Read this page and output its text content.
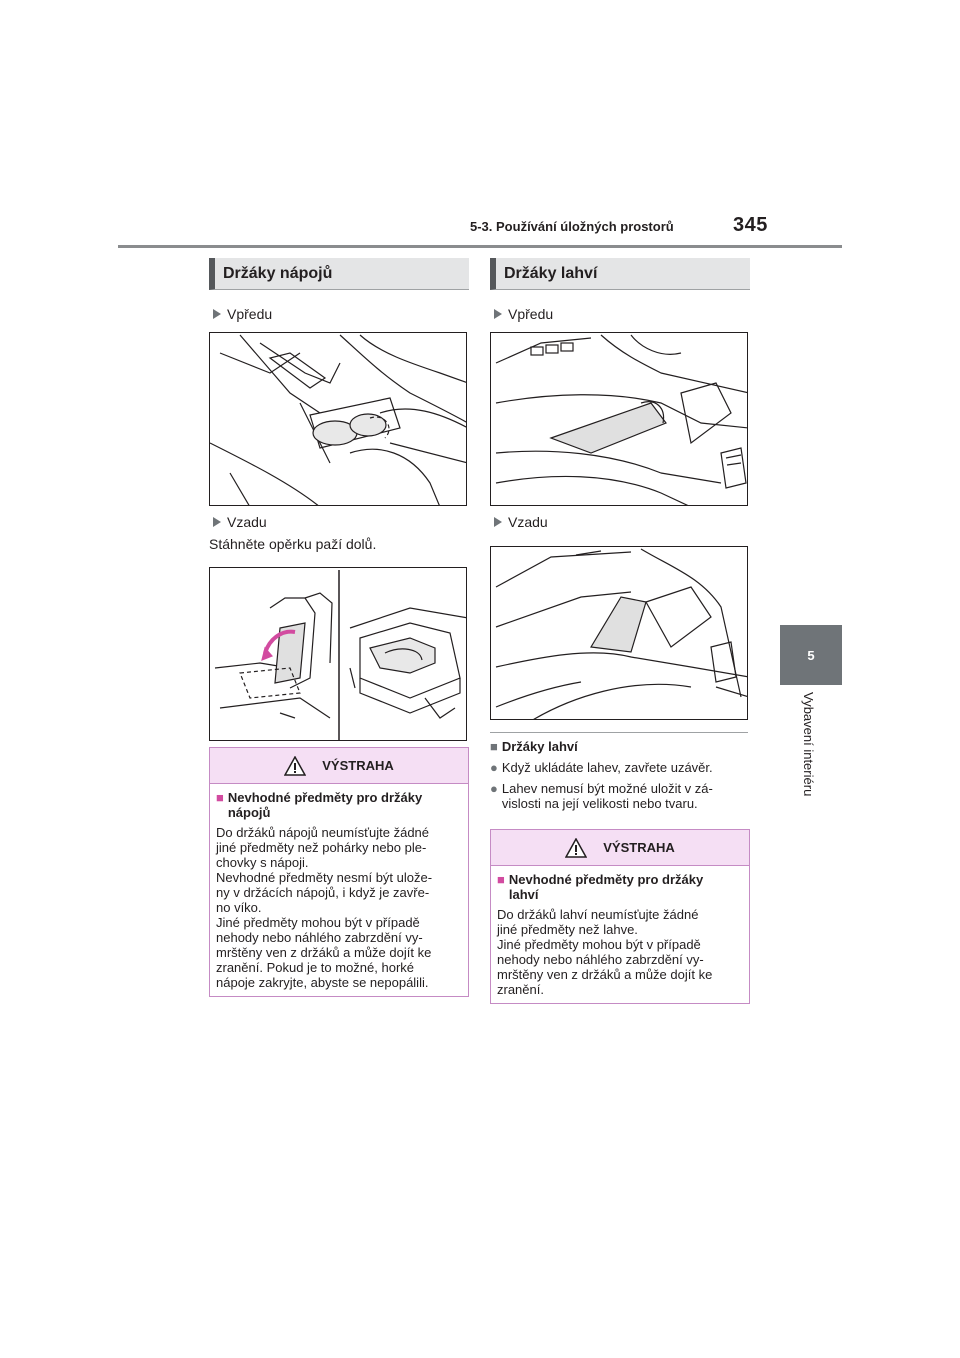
5-3. Používání úložných prostorů	345
5
Vybavení interiéru
Držáky nápojů
Vpředu
Vzadu
Stáhněte opěrku paží dolů.
VÝSTRAHA
■ Nevhodné předměty pro držáky
nápojů
Do držáků nápojů neumísťujte žádné
jiné předměty než pohárky nebo ple-
chovky s nápoji.
Nevhodné předměty nesmí být ulože-
ny v držácích nápojů, i když je zavře-
no víko.
Jiné předměty mohou být v případě
nehody nebo náhlého zabrzdění vy-
mrštěny ven z držáků a může dojít ke
zranění. Pokud je to možné, horké
nápoje zakryjte, abyste se nepopálili.
Držáky lahví
Vpředu
Vzadu
■ Držáky lahví
● Když ukládáte lahev, zavřete uzávěr.
● Lahev nemusí být možné uložit v zá-
vislosti na její velikosti nebo tvaru.
VÝSTRAHA
■ Nevhodné předměty pro držáky
lahví
Do držáků lahví neumísťujte žádné
jiné předměty než lahve.
Jiné předměty mohou být v případě
nehody nebo náhlého zabrzdění vy-
mrštěny ven z držáků a může dojít ke
zranění.
